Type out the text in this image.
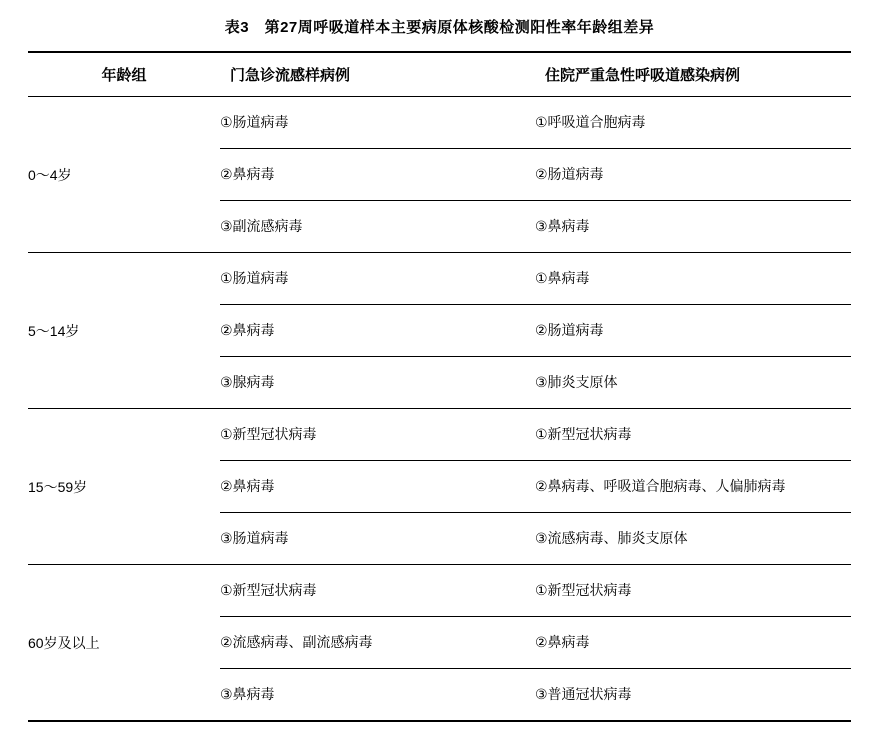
表3　第27周呼吸道样本主要病原体核酸检测阳性率年龄组差异
年龄组	门急诊流感样病例	住院严重急性呼吸道感染病例
0～4岁	①肠道病毒	①呼吸道合胞病毒
	②鼻病毒	②肠道病毒
	③副流感病毒	③鼻病毒
5～14岁	①肠道病毒	①鼻病毒
	②鼻病毒	②肠道病毒
	③腺病毒	③肺炎支原体
15～59岁	①新型冠状病毒	①新型冠状病毒
	②鼻病毒	②鼻病毒、呼吸道合胞病毒、人偏肺病毒
	③肠道病毒	③流感病毒、肺炎支原体
60岁及以上	①新型冠状病毒	①新型冠状病毒
	②流感病毒、副流感病毒	②鼻病毒
	③鼻病毒	③普通冠状病毒
